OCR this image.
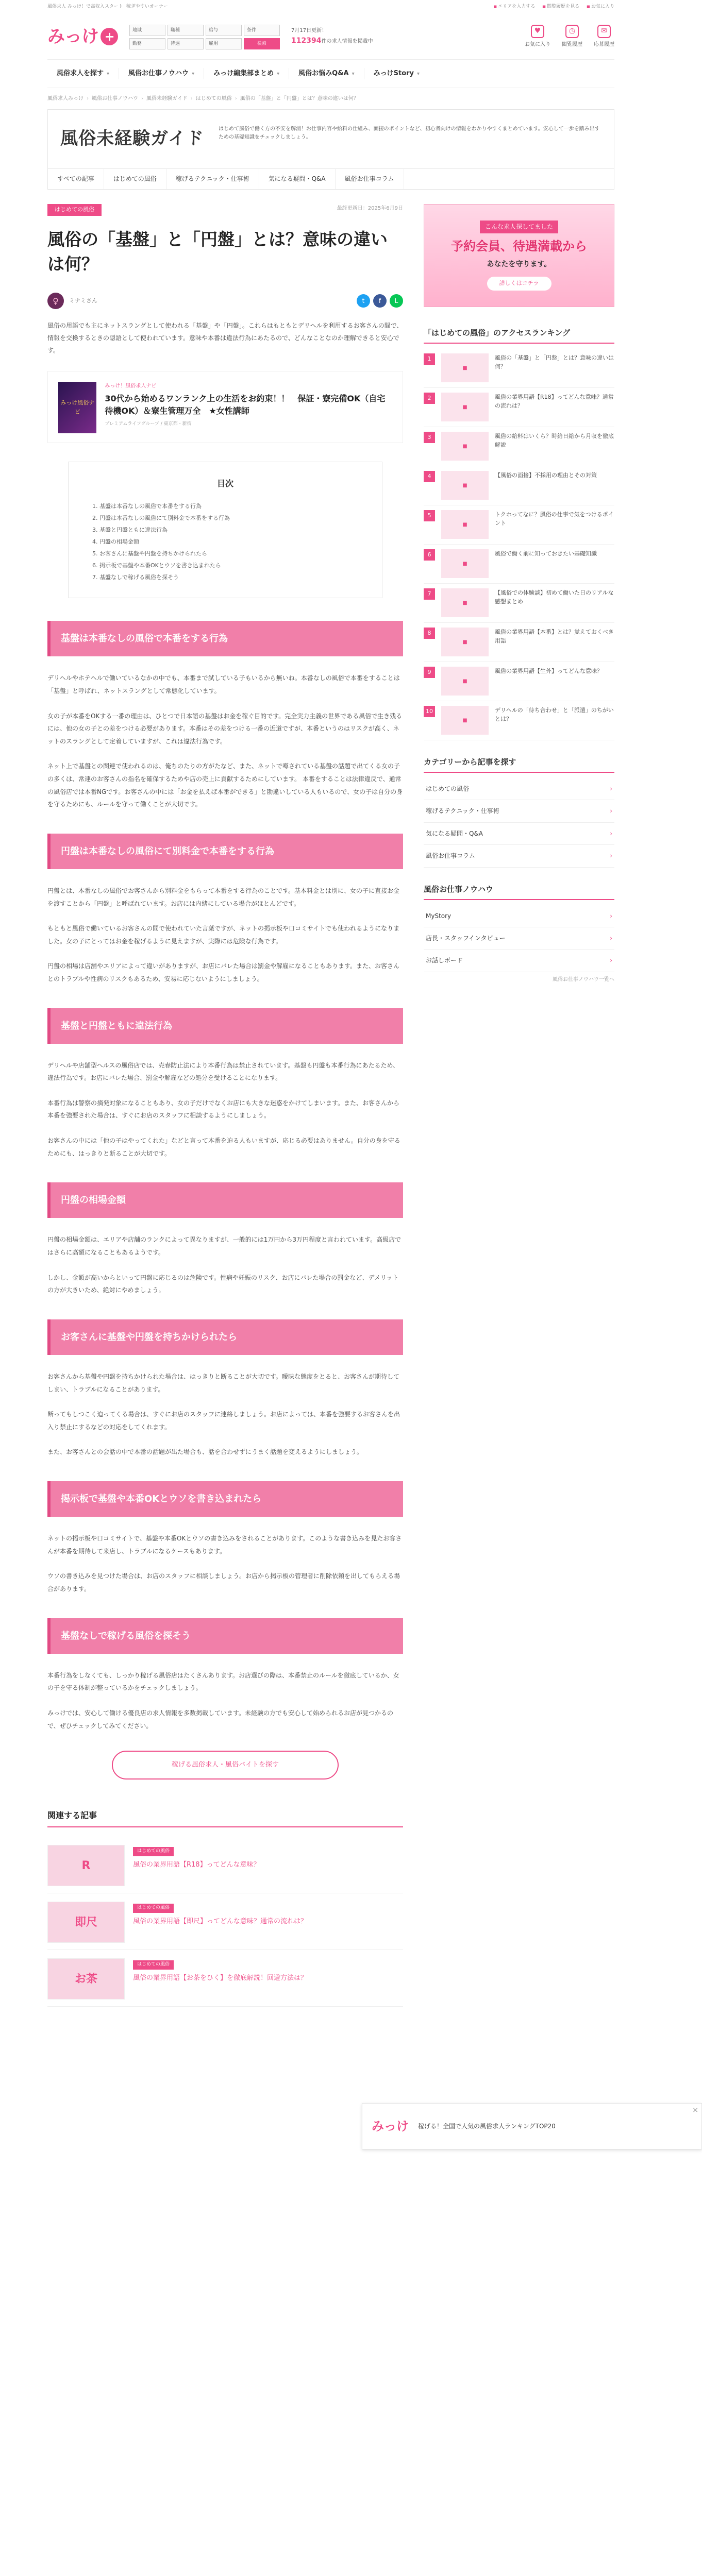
風俗求人 みっけ！で高収入スタート 稼ぎやすいオーナー	■ エリアを入力する	■ 閲覧履歴を見る	■ お気に入り
みっけ +	地域	職種	給与	条件
勤務	待遇	雇用	検索
7月17日更新！
112394件の求人情報を掲載中
♥
お気に入り
◷
閲覧履歴
✉
応募履歴
風俗求人を探す ▾	風俗お仕事ノウハウ ▾	みっけ編集部まとめ ▾	風俗お悩みQ&A ▾	みっけStory ▾
風俗求人みっけ › 風俗お仕事ノウハウ › 風俗未経験ガイド › はじめての風俗 › 風俗の「基盤」と「円盤」とは？意味の違いは何？
風俗未経験ガイド	はじめて風俗で働く方の不安を解消！お仕事内容や給料の仕組み、面接のポイントなど、初心者向けの情報をわかりやすくまとめています。安心して一歩を踏み出すための基礎知識をチェックしましょう。

すべての記事	はじめての風俗	稼げるテクニック・仕事術	気になる疑問・Q&A	風俗お仕事コラム
はじめての風俗	最終更新日：2025年6月9日
風俗の「基盤」と「円盤」とは？意味の違いは何？
♀	ミナミさん	t	f	L

風俗の用語でも主にネットスラングとして使われる「基盤」や「円盤」。これらはもともとデリヘルを利用するお客さんの間で、情報を交換するときの隠語として使われています。意味や本番は違法行為にあたるので、どんなことなのか理解できると安心です。

みっけ風俗ナビ
みっけ！風俗求人ナビ
30代から始めるワンランク上の生活をお約束！！　保証・寮完備OK（自宅待機OK）＆寮生管理万全　★女性講師
プレミアムライフグループ / 東京都・新宿
目次
1. 基盤は本番なしの風俗で本番をする行為
2. 円盤は本番なしの風俗にて別料金で本番をする行為
3. 基盤と円盤ともに違法行為
4. 円盤の相場金額
5. お客さんに基盤や円盤を持ちかけられたら
6. 掲示板で基盤や本番OKとウソを書き込まれたら
7. 基盤なしで稼げる風俗を探そう
基盤は本番なしの風俗で本番をする行為

デリヘルやホテヘルで働いているなかの中でも、本番まで試している子もいるから無いね。本番なしの風俗で本番をすることは「基盤」と呼ばれ、ネットスラングとして常態化しています。

女の子が本番をOKする一番の理由は、ひとつで日本語の基盤はお金を稼ぐ目的です。完全実力主義の世界である風俗で生き残るには、他の女の子との差をつける必要があります。本番はその差をつける一番の近道ですが、本番というのはリスクが高く、ネットのスラングとして定着していますが、これは違法行為です。

ネット上で基盤との関連で使われるのは、俺ちのたりの方がたなど、また、ネットで噂されている基盤の話題で出てくる女の子の多くは、常連のお客さんの指名を確保するためや店の売上に貢献するためにしています。 本番をすることは法律違反で、通常の風俗店では本番NGです。お客さんの中には「お金を払えば本番ができる」と勘違いしている人もいるので、女の子は自分の身を守るためにも、ルールを守って働くことが大切です。

円盤は本番なしの風俗にて別料金で本番をする行為

円盤とは、本番なしの風俗でお客さんから別料金をもらって本番をする行為のことです。基本料金とは別に、女の子に直接お金を渡すことから「円盤」と呼ばれています。お店には内緒にしている場合がほとんどです。

もともと風俗で働いているお客さんの間で使われていた言葉ですが、ネットの掲示板や口コミサイトでも使われるようになりました。女の子にとってはお金を稼げるように見えますが、実際には危険な行為です。

円盤の相場は店舗やエリアによって違いがありますが、お店にバレた場合は罰金や解雇になることもあります。また、お客さんとのトラブルや性病のリスクもあるため、安易に応じないようにしましょう。

基盤と円盤ともに違法行為

デリヘルや店舗型ヘルスの風俗店では、売春防止法により本番行為は禁止されています。基盤も円盤も本番行為にあたるため、違法行為です。お店にバレた場合、罰金や解雇などの処分を受けることになります。

本番行為は警察の摘発対象になることもあり、女の子だけでなくお店にも大きな迷惑をかけてしまいます。また、お客さんから本番を強要された場合は、すぐにお店のスタッフに相談するようにしましょう。

お客さんの中には「他の子はやってくれた」などと言って本番を迫る人もいますが、応じる必要はありません。自分の身を守るためにも、はっきりと断ることが大切です。

円盤の相場金額

円盤の相場金額は、エリアや店舗のランクによって異なりますが、一般的には1万円から3万円程度と言われています。高級店ではさらに高額になることもあるようです。

しかし、金額が高いからといって円盤に応じるのは危険です。性病や妊娠のリスク、お店にバレた場合の罰金など、デメリットの方が大きいため、絶対にやめましょう。

お客さんに基盤や円盤を持ちかけられたら

お客さんから基盤や円盤を持ちかけられた場合は、はっきりと断ることが大切です。曖昧な態度をとると、お客さんが期待してしまい、トラブルになることがあります。

断ってもしつこく迫ってくる場合は、すぐにお店のスタッフに連絡しましょう。お店によっては、本番を強要するお客さんを出入り禁止にするなどの対応をしてくれます。

また、お客さんとの会話の中で本番の話題が出た場合も、話を合わせずにうまく話題を変えるようにしましょう。

掲示板で基盤や本番OKとウソを書き込まれたら

ネットの掲示板や口コミサイトで、基盤や本番OKとウソの書き込みをされることがあります。このような書き込みを見たお客さんが本番を期待して来店し、トラブルになるケースもあります。

ウソの書き込みを見つけた場合は、お店のスタッフに相談しましょう。お店から掲示板の管理者に削除依頼を出してもらえる場合があります。

基盤なしで稼げる風俗を探そう

本番行為をしなくても、しっかり稼げる風俗店はたくさんあります。お店選びの際は、本番禁止のルールを徹底しているか、女の子を守る体制が整っているかをチェックしましょう。

みっけでは、安心して働ける優良店の求人情報を多数掲載しています。未経験の方でも安心して始められるお店が見つかるので、ぜひチェックしてみてください。

稼げる風俗求人・風俗バイトを探す
関連する記事
R
はじめての風俗
風俗の業界用語【R18】ってどんな意味？
即尺
はじめての風俗
風俗の業界用語【即尺】ってどんな意味？通常の流れは？
お茶
はじめての風俗
風俗の業界用語【お茶をひく】を徹底解説！回避方法は？
こんな求人探してました
予約会員、待遇満載から
あなたを守ります。
詳しくはコチラ
「はじめての風俗」のアクセスランキング
1
■
風俗の「基盤」と「円盤」とは？意味の違いは何？
2
■
風俗の業界用語【R18】ってどんな意味？通常の流れは？
3
■
風俗の給料はいくら？時給日給から月収を徹底解説
4
■
【風俗の面接】不採用の理由とその対策
5
■
トクホってなに？風俗の仕事で気をつけるポイント
6
■
風俗で働く前に知っておきたい基礎知識
7
■
【風俗での体験談】初めて働いた日のリアルな感想まとめ
8
■
風俗の業界用語【本番】とは？覚えておくべき用語
9
■
風俗の業界用語【生外】ってどんな意味？
10
■
デリヘルの「待ち合わせ」と「派遣」のちがいとは？
カテゴリーから記事を探す
はじめての風俗 ›
稼げるテクニック・仕事術 ›
気になる疑問・Q&A ›
風俗お仕事コラム ›
風俗お仕事ノウハウ
MyStory ›
店長・スタッフインタビュー ›
お話しボード ›
風俗お仕事ノウハウ一覧へ
みっけ 稼げる！全国で人気の風俗求人ランキングTOP20
×
